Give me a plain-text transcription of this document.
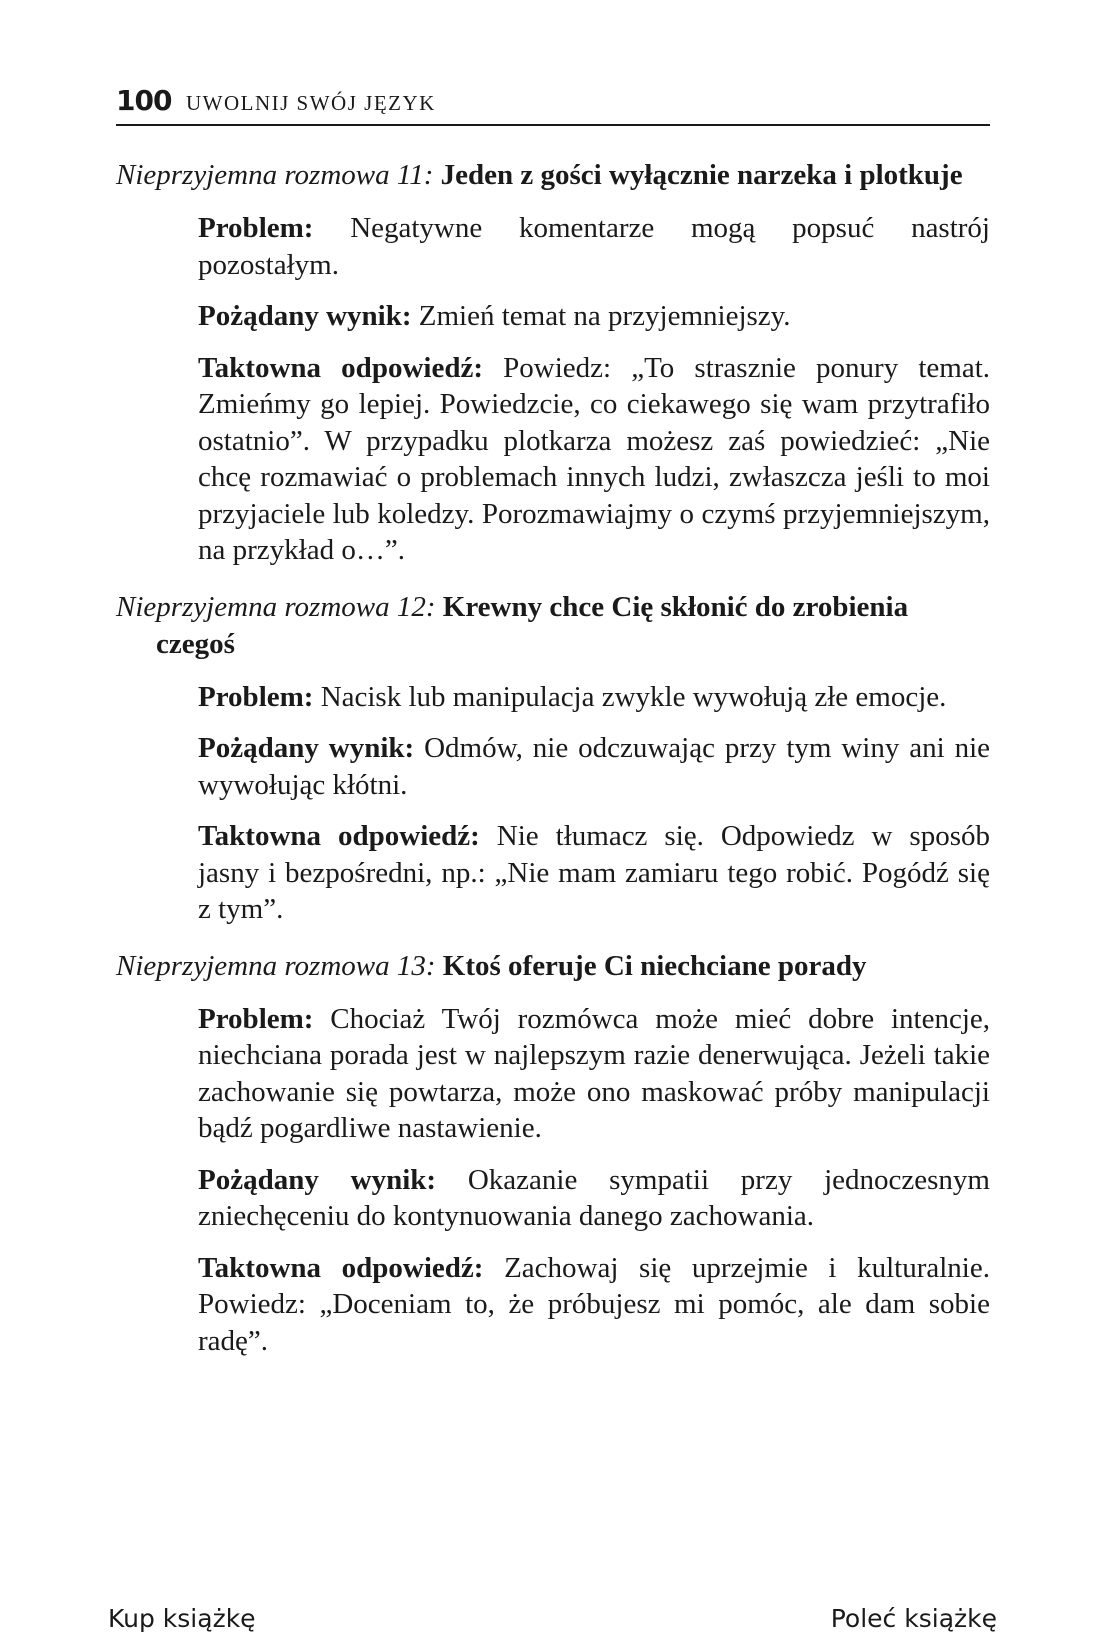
100 UWOLNIJ SWÓJ JĘZYK

Nieprzyjemna rozmowa 11: Jeden z gości wyłącznie narzeka i plotkuje

Problem: Negatywne komentarze mogą popsuć nastrój pozostałym.

Pożądany wynik: Zmień temat na przyjemniejszy.

Taktowna odpowiedź: Powiedz: „To strasznie ponury temat. Zmieńmy go lepiej. Powiedzcie, co ciekawego się wam przytrafiło ostatnio”. W przypadku plotkarza możesz zaś powiedzieć: „Nie chcę rozmawiać o problemach innych ludzi, zwłaszcza jeśli to moi przyjaciele lub koledzy. Porozmawiajmy o czymś przyjemniejszym, na przykład o…”.

Nieprzyjemna rozmowa 12: Krewny chce Cię skłonić do zrobienia czegoś

Problem: Nacisk lub manipulacja zwykle wywołują złe emocje.

Pożądany wynik: Odmów, nie odczuwając przy tym winy ani nie wywołując kłótni.

Taktowna odpowiedź: Nie tłumacz się. Odpowiedz w sposób jasny i bezpośredni, np.: „Nie mam zamiaru tego robić. Pogódź się z tym”.

Nieprzyjemna rozmowa 13: Ktoś oferuje Ci niechciane porady

Problem: Chociaż Twój rozmówca może mieć dobre intencje, niechciana porada jest w najlepszym razie denerwująca. Jeżeli takie zachowanie się powtarza, może ono maskować próby manipulacji bądź pogardliwe nastawienie.

Pożądany wynik: Okazanie sympatii przy jednoczesnym zniechęceniu do kontynuowania danego zachowania.

Taktowna odpowiedź: Zachowaj się uprzejmie i kulturalnie. Powiedz: „Doceniam to, że próbujesz mi pomóc, ale dam sobie radę”.

Kup książkę	Poleć książkę
